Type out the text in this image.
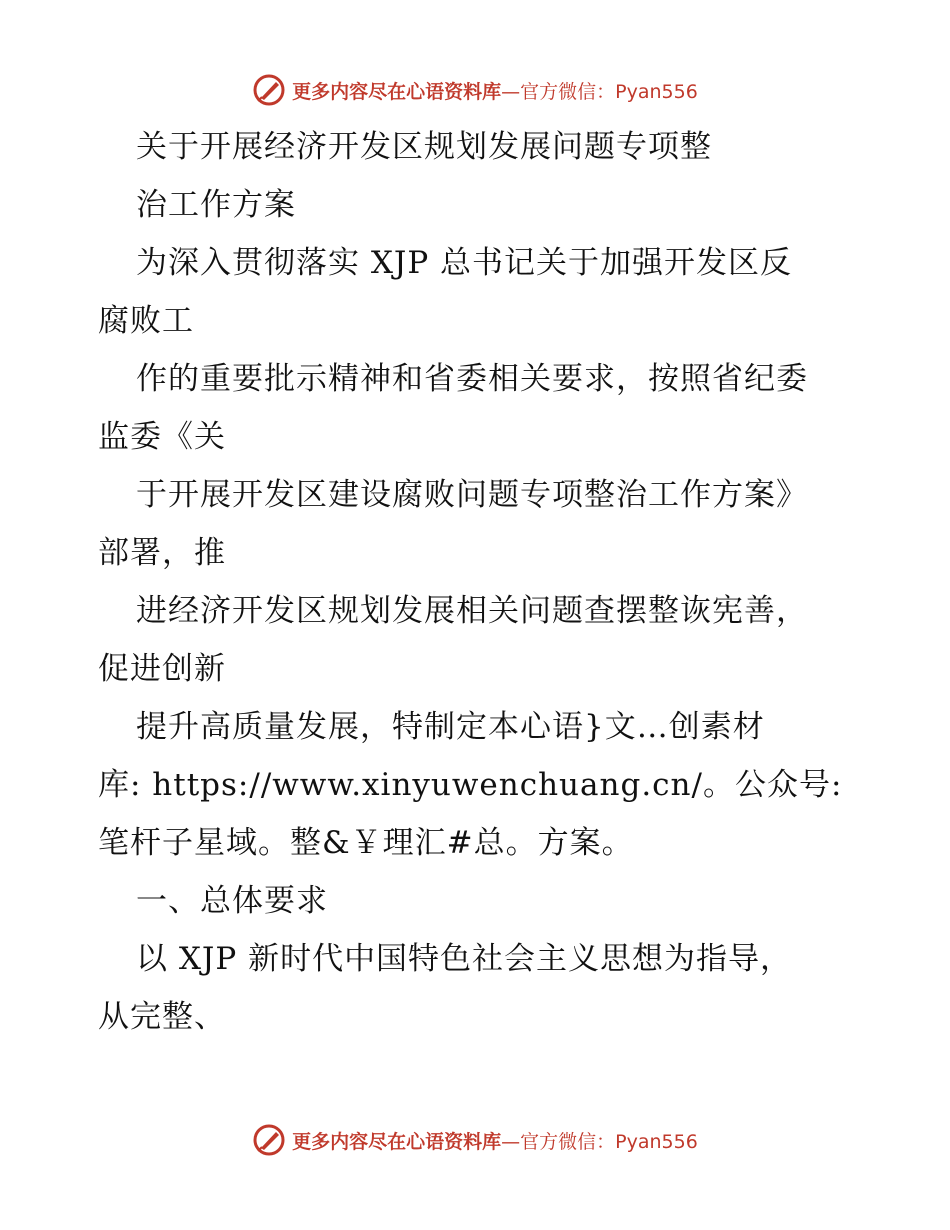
更多内容尽在心语资料库 —官方微信：Pyan556
关于开展经济开发区规划发展问题专项整
治工作方案
为深入贯彻落实 XJP 总书记关于加强开发区反
腐败工
作的重要批示精神和省委相关要求，按照省纪委
监委《关
于开展开发区建设腐败问题专项整治工作方案》
部署，推
进经济开发区规划发展相关问题查摆整诙宪善，
促进创新
提升高质量发展，特制定本心语}文…创素材
库: https://www.xinyuwenchuang.cn/。公众号:
笔杆子星域。整&￥理汇#总。方案。
一、总体要求
以 XJP 新时代中国特色社会主义思想为指导，
从完整、
更多内容尽在心语资料库 —官方微信：Pyan556
